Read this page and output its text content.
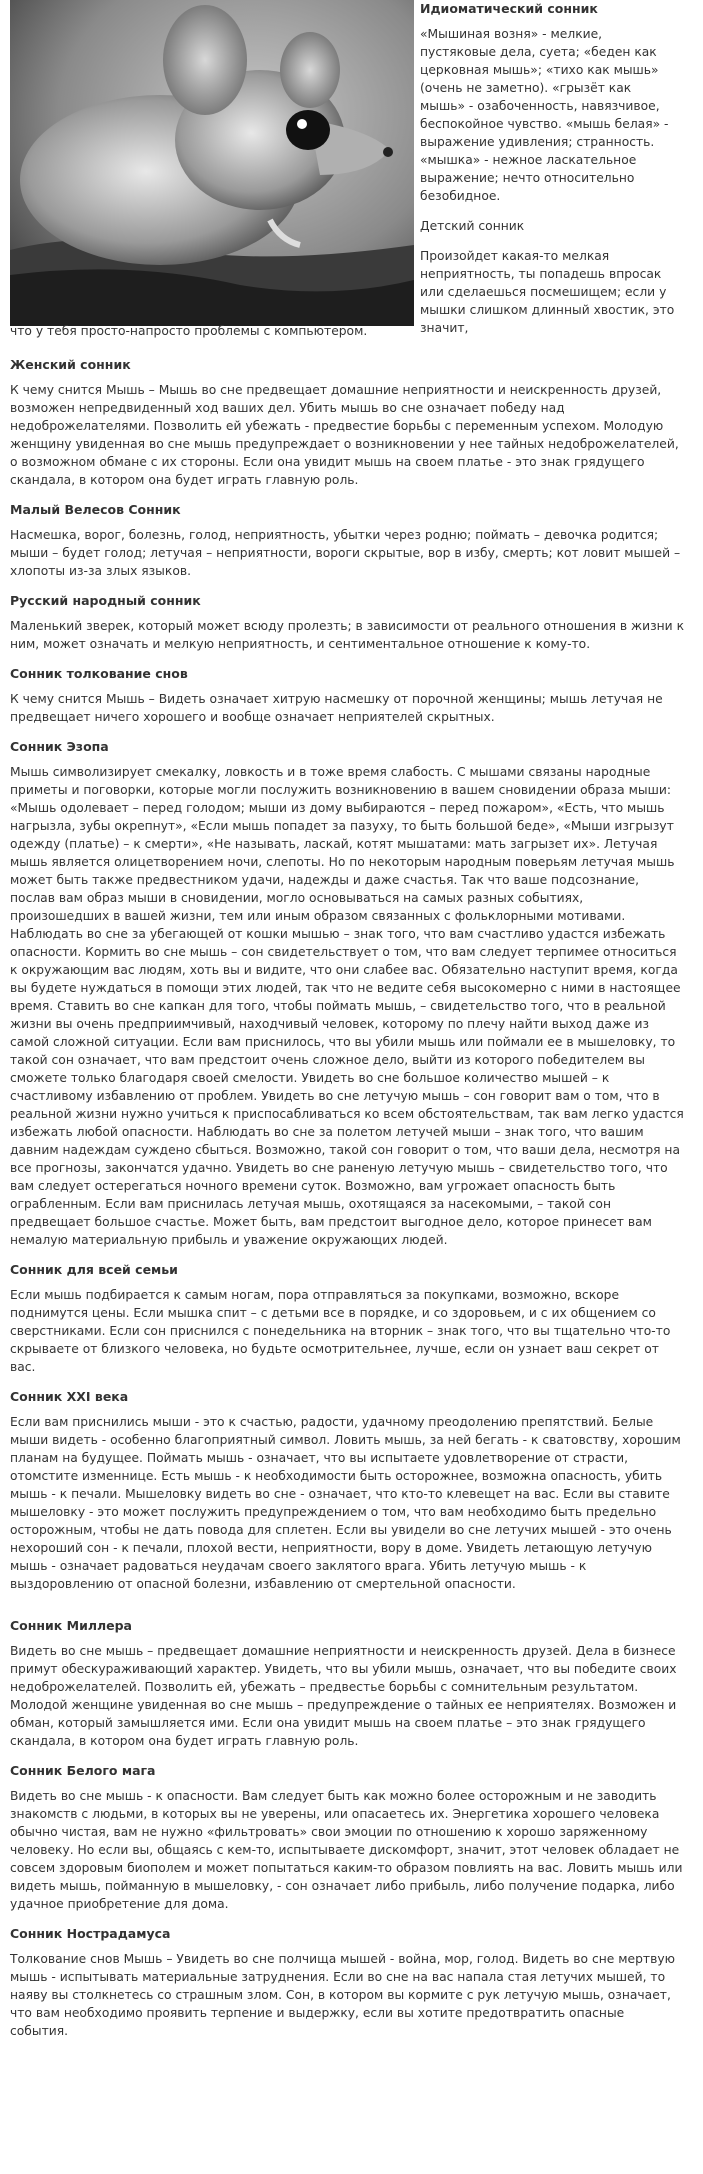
Идиоматический сонник

«Мышиная возня» - мелкие, пустяковые дела, суета; «беден как церковная мышь»; «тихо как мышь» (очень не заметно). «грызёт как мышь» - озабоченность, навязчивое, беспокойное чувство. «мышь белая» - выражение удивления; странность. «мышка» - нежное ласкательное выражение; нечто относительно безобидное.

Детский сонник

Произойдет какая-то мелкая неприятность, ты попадешь впросак или сделаешься посмешищем; если у мышки слишком длинный хвостик, это значит,

что у тебя просто-напросто проблемы с компьютером.

Женский сонник

К чему снится Мышь – Мышь во сне предвещает домашние неприятности и неискренность друзей, возможен непредвиденный ход ваших дел. Убить мышь во сне означает победу над недоброжелателями. Позволить ей убежать - предвестие борьбы с переменным успехом. Молодую женщину увиденная во сне мышь предупреждает о возникновении у нее тайных недоброжелателей, о возможном обмане с их стороны. Если она увидит мышь на своем платье - это знак грядущего скандала, в котором она будет играть главную роль.

Малый Велесов Сонник

Насмешка, ворог, болезнь, голод, неприятность, убытки через родню; поймать – девочка родится; мыши – будет голод; летучая – неприятности, вороги скрытые, вор в избу, смерть; кот ловит мышей – хлопоты из-за злых языков.

Русский народный сонник

Маленький зверек, который может всюду пролезть; в зависимости от реального отношения в жизни к ним, может означать и мелкую неприятность, и сентиментальное отношение к кому-то.

Сонник толкование снов

К чему снится Мышь – Видеть означает хитрую насмешку от порочной женщины; мышь летучая не предвещает ничего хорошего и вообще означает неприятелей скрытных.

Сонник Эзопа

Мышь символизирует смекалку, ловкость и в тоже время слабость. С мышами связаны народные приметы и поговорки, которые могли послужить возникновению в вашем сновидении образа мыши: «Мышь одолевает – перед голодом; мыши из дому выбираются – перед пожаром», «Есть, что мышь нагрызла, зубы окрепнут», «Если мышь попадет за пазуху, то быть большой беде», «Мыши изгрызут одежду (платье) – к смерти», «Не называть, ласкай, котят мышатами: мать загрызет их». Летучая мышь является олицетворением ночи, слепоты. Но по некоторым народным поверьям летучая мышь может быть также предвестником удачи, надежды и даже счастья. Так что ваше подсознание, послав вам образ мыши в сновидении, могло основываться на самых разных событиях, произошедших в вашей жизни, тем или иным образом связанных с фольклорными мотивами. Наблюдать во сне за убегающей от кошки мышью – знак того, что вам счастливо удастся избежать опасности. Кормить во сне мышь – сон свидетельствует о том, что вам следует терпимее относиться к окружающим вас людям, хоть вы и видите, что они слабее вас. Обязательно наступит время, когда вы будете нуждаться в помощи этих людей, так что не ведите себя высокомерно с ними в настоящее время. Ставить во сне капкан для того, чтобы поймать мышь, – свидетельство того, что в реальной жизни вы очень предприимчивый, находчивый человек, которому по плечу найти выход даже из самой сложной ситуации. Если вам приснилось, что вы убили мышь или поймали ее в мышеловку, то такой сон означает, что вам предстоит очень сложное дело, выйти из которого победителем вы сможете только благодаря своей смелости. Увидеть во сне большое количество мышей – к счастливому избавлению от проблем. Увидеть во сне летучую мышь – сон говорит вам о том, что в реальной жизни нужно учиться к приспосабливаться ко всем обстоятельствам, так вам легко удастся избежать любой опасности. Наблюдать во сне за полетом летучей мыши – знак того, что вашим давним надеждам суждено сбыться. Возможно, такой сон говорит о том, что ваши дела, несмотря на все прогнозы, закончатся удачно. Увидеть во сне раненую летучую мышь – свидетельство того, что вам следует остерегаться ночного времени суток. Возможно, вам угрожает опасность быть ограбленным. Если вам приснилась летучая мышь, охотящаяся за насекомыми, – такой сон предвещает большое счастье. Может быть, вам предстоит выгодное дело, которое принесет вам немалую материальную прибыль и уважение окружающих людей.

Сонник для всей семьи

Если мышь подбирается к самым ногам, пора отправляться за покупками, возможно, вскоре поднимутся цены. Если мышка спит – с детьми все в порядке, и со здоровьем, и с их общением со сверстниками. Если сон приснился с понедельника на вторник – знак того, что вы тщательно что-то скрываете от близкого человека, но будьте осмотрительнее, лучше, если он узнает ваш секрет от вас.

Сонник XXI века

Если вам приснились мыши - это к счастью, радости, удачному преодолению препятствий. Белые мыши видеть - особенно благоприятный символ. Ловить мышь, за ней бегать - к сватовству, хорошим планам на будущее. Поймать мышь - означает, что вы испытаете удовлетворение от страсти, отомстите изменнице. Есть мышь - к необходимости быть осторожнее, возможна опасность, убить мышь - к печали. Мышеловку видеть во сне - означает, что кто-то клевещет на вас. Если вы ставите мышеловку - это может послужить предупреждением о том, что вам необходимо быть предельно осторожным, чтобы не дать повода для сплетен. Если вы увидели во сне летучих мышей - это очень нехороший сон - к печали, плохой вести, неприятности, вору в доме. Увидеть летающую летучую мышь - означает радоваться неудачам своего заклятого врага. Убить летучую мышь - к выздоровлению от опасной болезни, избавлению от смертельной опасности.

Сонник Миллера

Видеть во сне мышь – предвещает домашние неприятности и неискренность друзей. Дела в бизнесе примут обескураживающий характер. Увидеть, что вы убили мышь, означает, что вы победите своих недоброжелателей. Позволить ей, убежать – предвестье борьбы с сомнительным результатом. Молодой женщине увиденная во сне мышь – предупреждение о тайных ее неприятелях. Возможен и обман, который замышляется ими. Если она увидит мышь на своем платье – это знак грядущего скандала, в котором она будет играть главную роль.

Сонник Белого мага

Видеть во сне мышь - к опасности. Вам следует быть как можно более осторожным и не заводить знакомств с людьми, в которых вы не уверены, или опасаетесь их. Энергетика хорошего человека обычно чистая, вам не нужно «фильтровать» свои эмоции по отношению к хорошо заряженному человеку. Но если вы, общаясь с кем-то, испытываете дискомфорт, значит, этот человек обладает не совсем здоровым биополем и может попытаться каким-то образом повлиять на вас. Ловить мышь или видеть мышь, пойманную в мышеловку, - сон означает либо прибыль, либо получение подарка, либо удачное приобретение для дома.

Сонник Нострадамуса

Толкование снов Мышь – Увидеть во сне полчища мышей - война, мор, голод. Видеть во сне мертвую мышь - испытывать материальные затруднения. Если во сне на вас напала стая летучих мышей, то наяву вы столкнетесь со страшным злом. Сон, в котором вы кормите с рук летучую мышь, означает, что вам необходимо проявить терпение и выдержку, если вы хотите предотвратить опасные события.
